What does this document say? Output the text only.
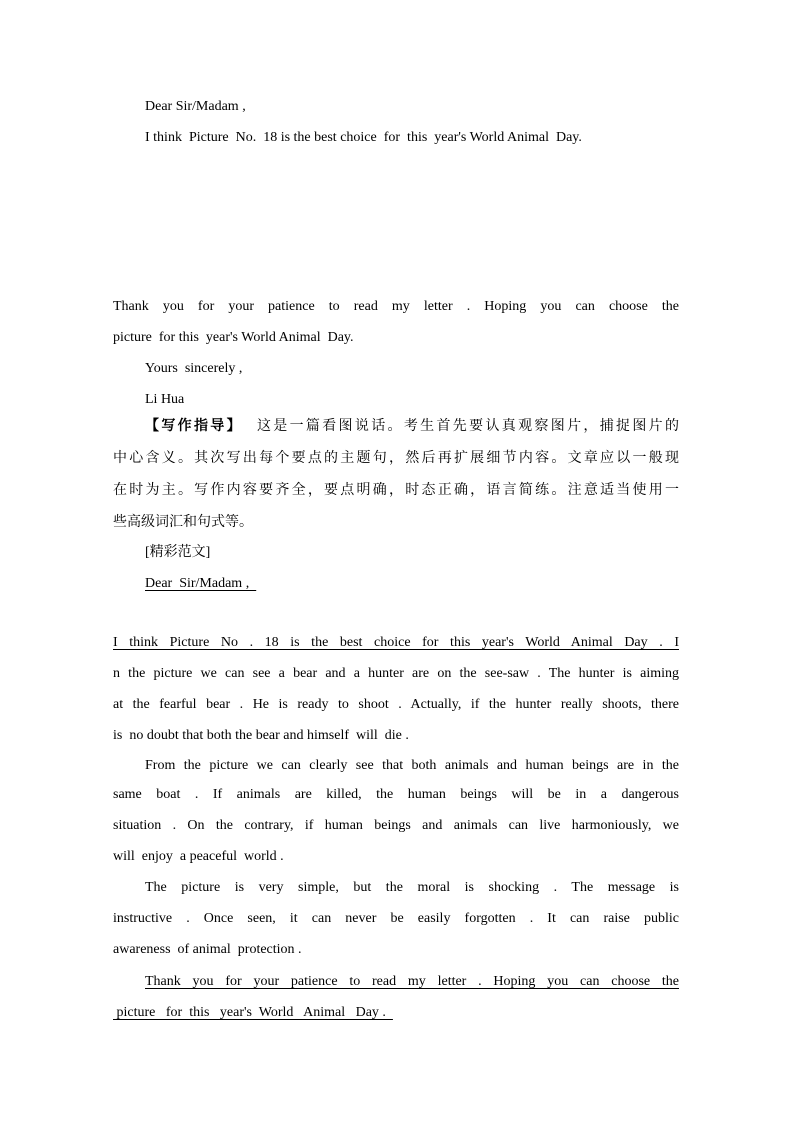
Dear Sir/Madam ,
I think  Picture  No.  18 is the best choice  for  this  year's World Animal  Day.
Thank you for your patience to read my letter . Hoping you can choose the
picture  for this  year's World Animal  Day.
Yours  sincerely ,
Li Hua
【写作指导】 这是一篇看图说话。考生首先要认真观察图片，捕捉图片的
中心含义。其次写出每个要点的主题句，然后再扩展细节内容。文章应以一般现
在时为主。写作内容要齐全，要点明确，时态正确，语言简练。注意适当使用一
些高级词汇和句式等。
[精彩范文]
Dear  Sir/Madam ,
I think Picture No . 18 is the best choice for this year's World Animal Day . I
n the picture we can see a bear and a hunter are on the see-saw . The hunter is aiming
at the fearful bear . He is ready to shoot . Actually, if the hunter really shoots, there
is  no doubt that both the bear and himself  will  die .
From the picture we can clearly see that both animals and human beings are in the
same boat . If animals are killed, the human beings will be in a dangerous
situation . On the contrary, if human beings and animals can live harmoniously, we
will  enjoy  a peaceful  world .
The picture is very simple, but the moral is shocking . The message is
instructive . Once seen, it can never be easily forgotten . It can raise public
awareness  of animal  protection .
Thank you for your patience to read my letter . Hoping you can choose the
picture   for  this   year's  World   Animal   Day .
